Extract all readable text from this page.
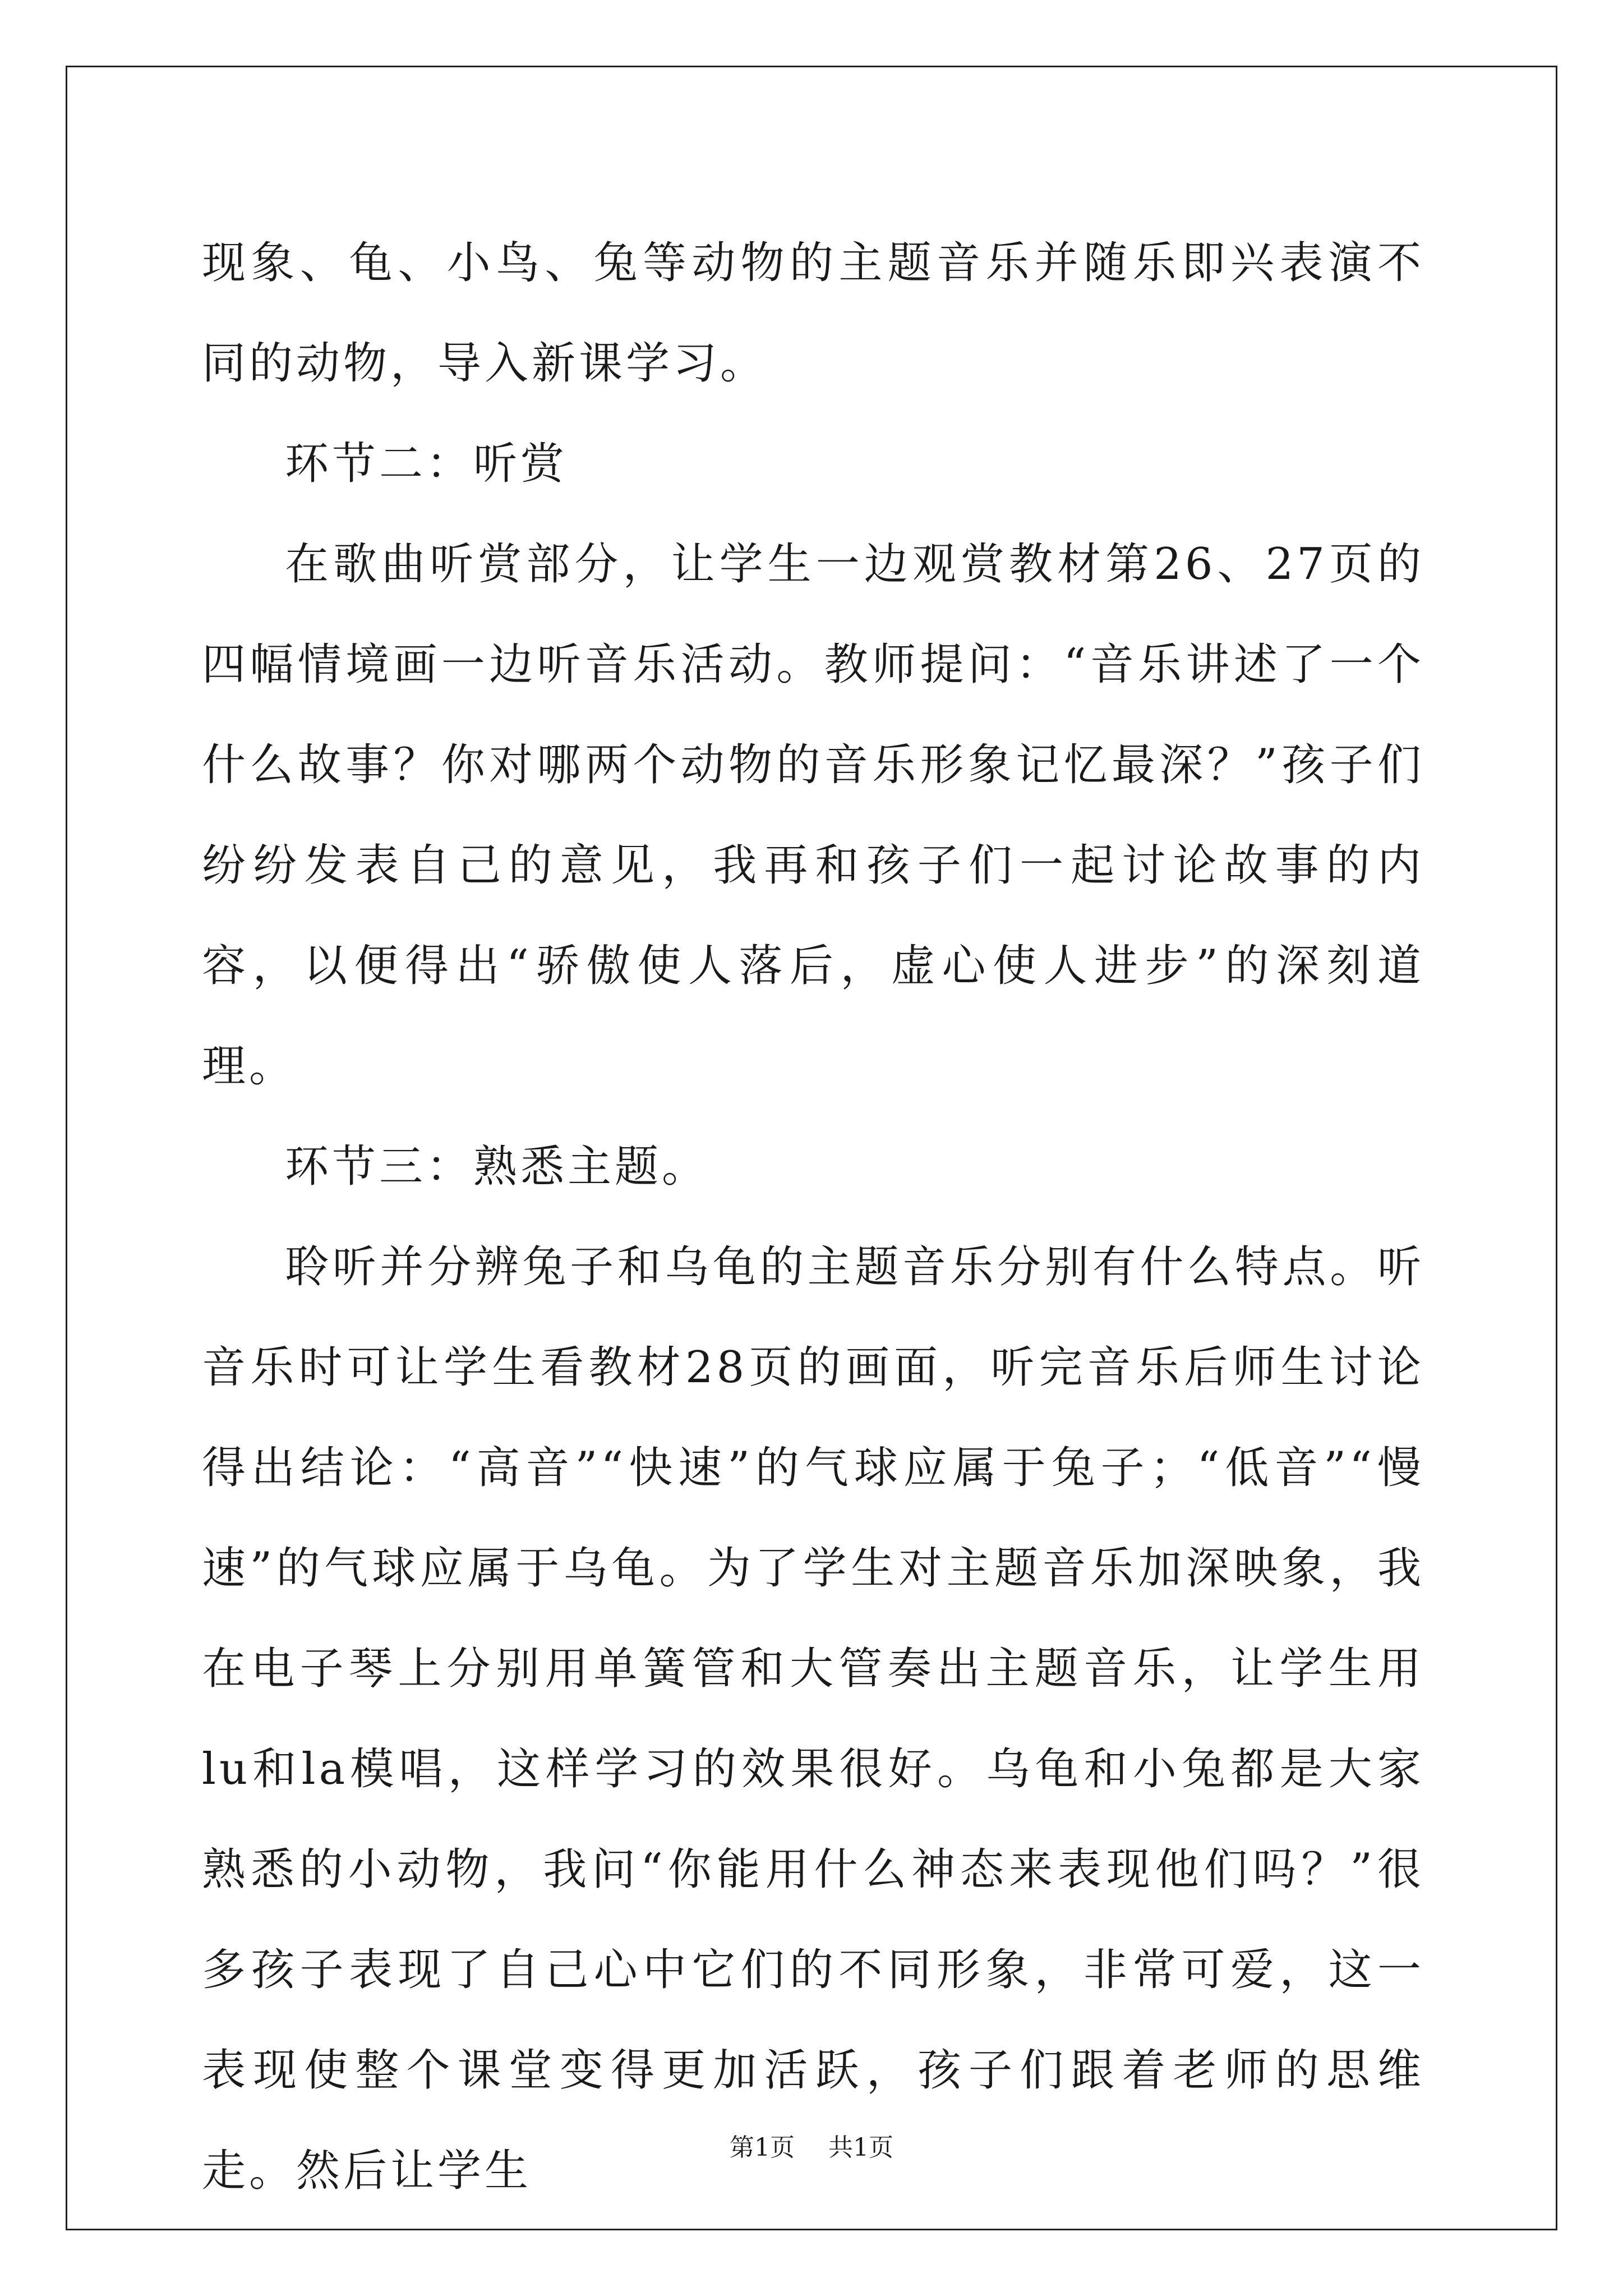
现象、龟、小鸟、兔等动物的主题音乐并随乐即兴表演不同的动物，导入新课学习。

环节二：听赏

在歌曲听赏部分，让学生一边观赏教材第26、27页的四幅情境画一边听音乐活动。教师提问：“音乐讲述了一个什么故事？你对哪两个动物的音乐形象记忆最深？”孩子们纷纷发表自己的意见，我再和孩子们一起讨论故事的内容，以便得出“骄傲使人落后，虚心使人进步”的深刻道理。

环节三：熟悉主题。

聆听并分辨兔子和乌龟的主题音乐分别有什么特点。听音乐时可让学生看教材28页的画面，听完音乐后师生讨论得出结论：“高音”“快速”的气球应属于兔子；“低音”“慢速”的气球应属于乌龟。为了学生对主题音乐加深映象，我在电子琴上分别用单簧管和大管奏出主题音乐，让学生用lu和la模唱，这样学习的效果很好。乌龟和小兔都是大家熟悉的小动物，我问“你能用什么神态来表现他们吗？”很多孩子表现了自己心中它们的不同形象，非常可爱，这一表现使整个课堂变得更加活跃，孩子们跟着老师的思维走。然后让学生	第1页 共1页
